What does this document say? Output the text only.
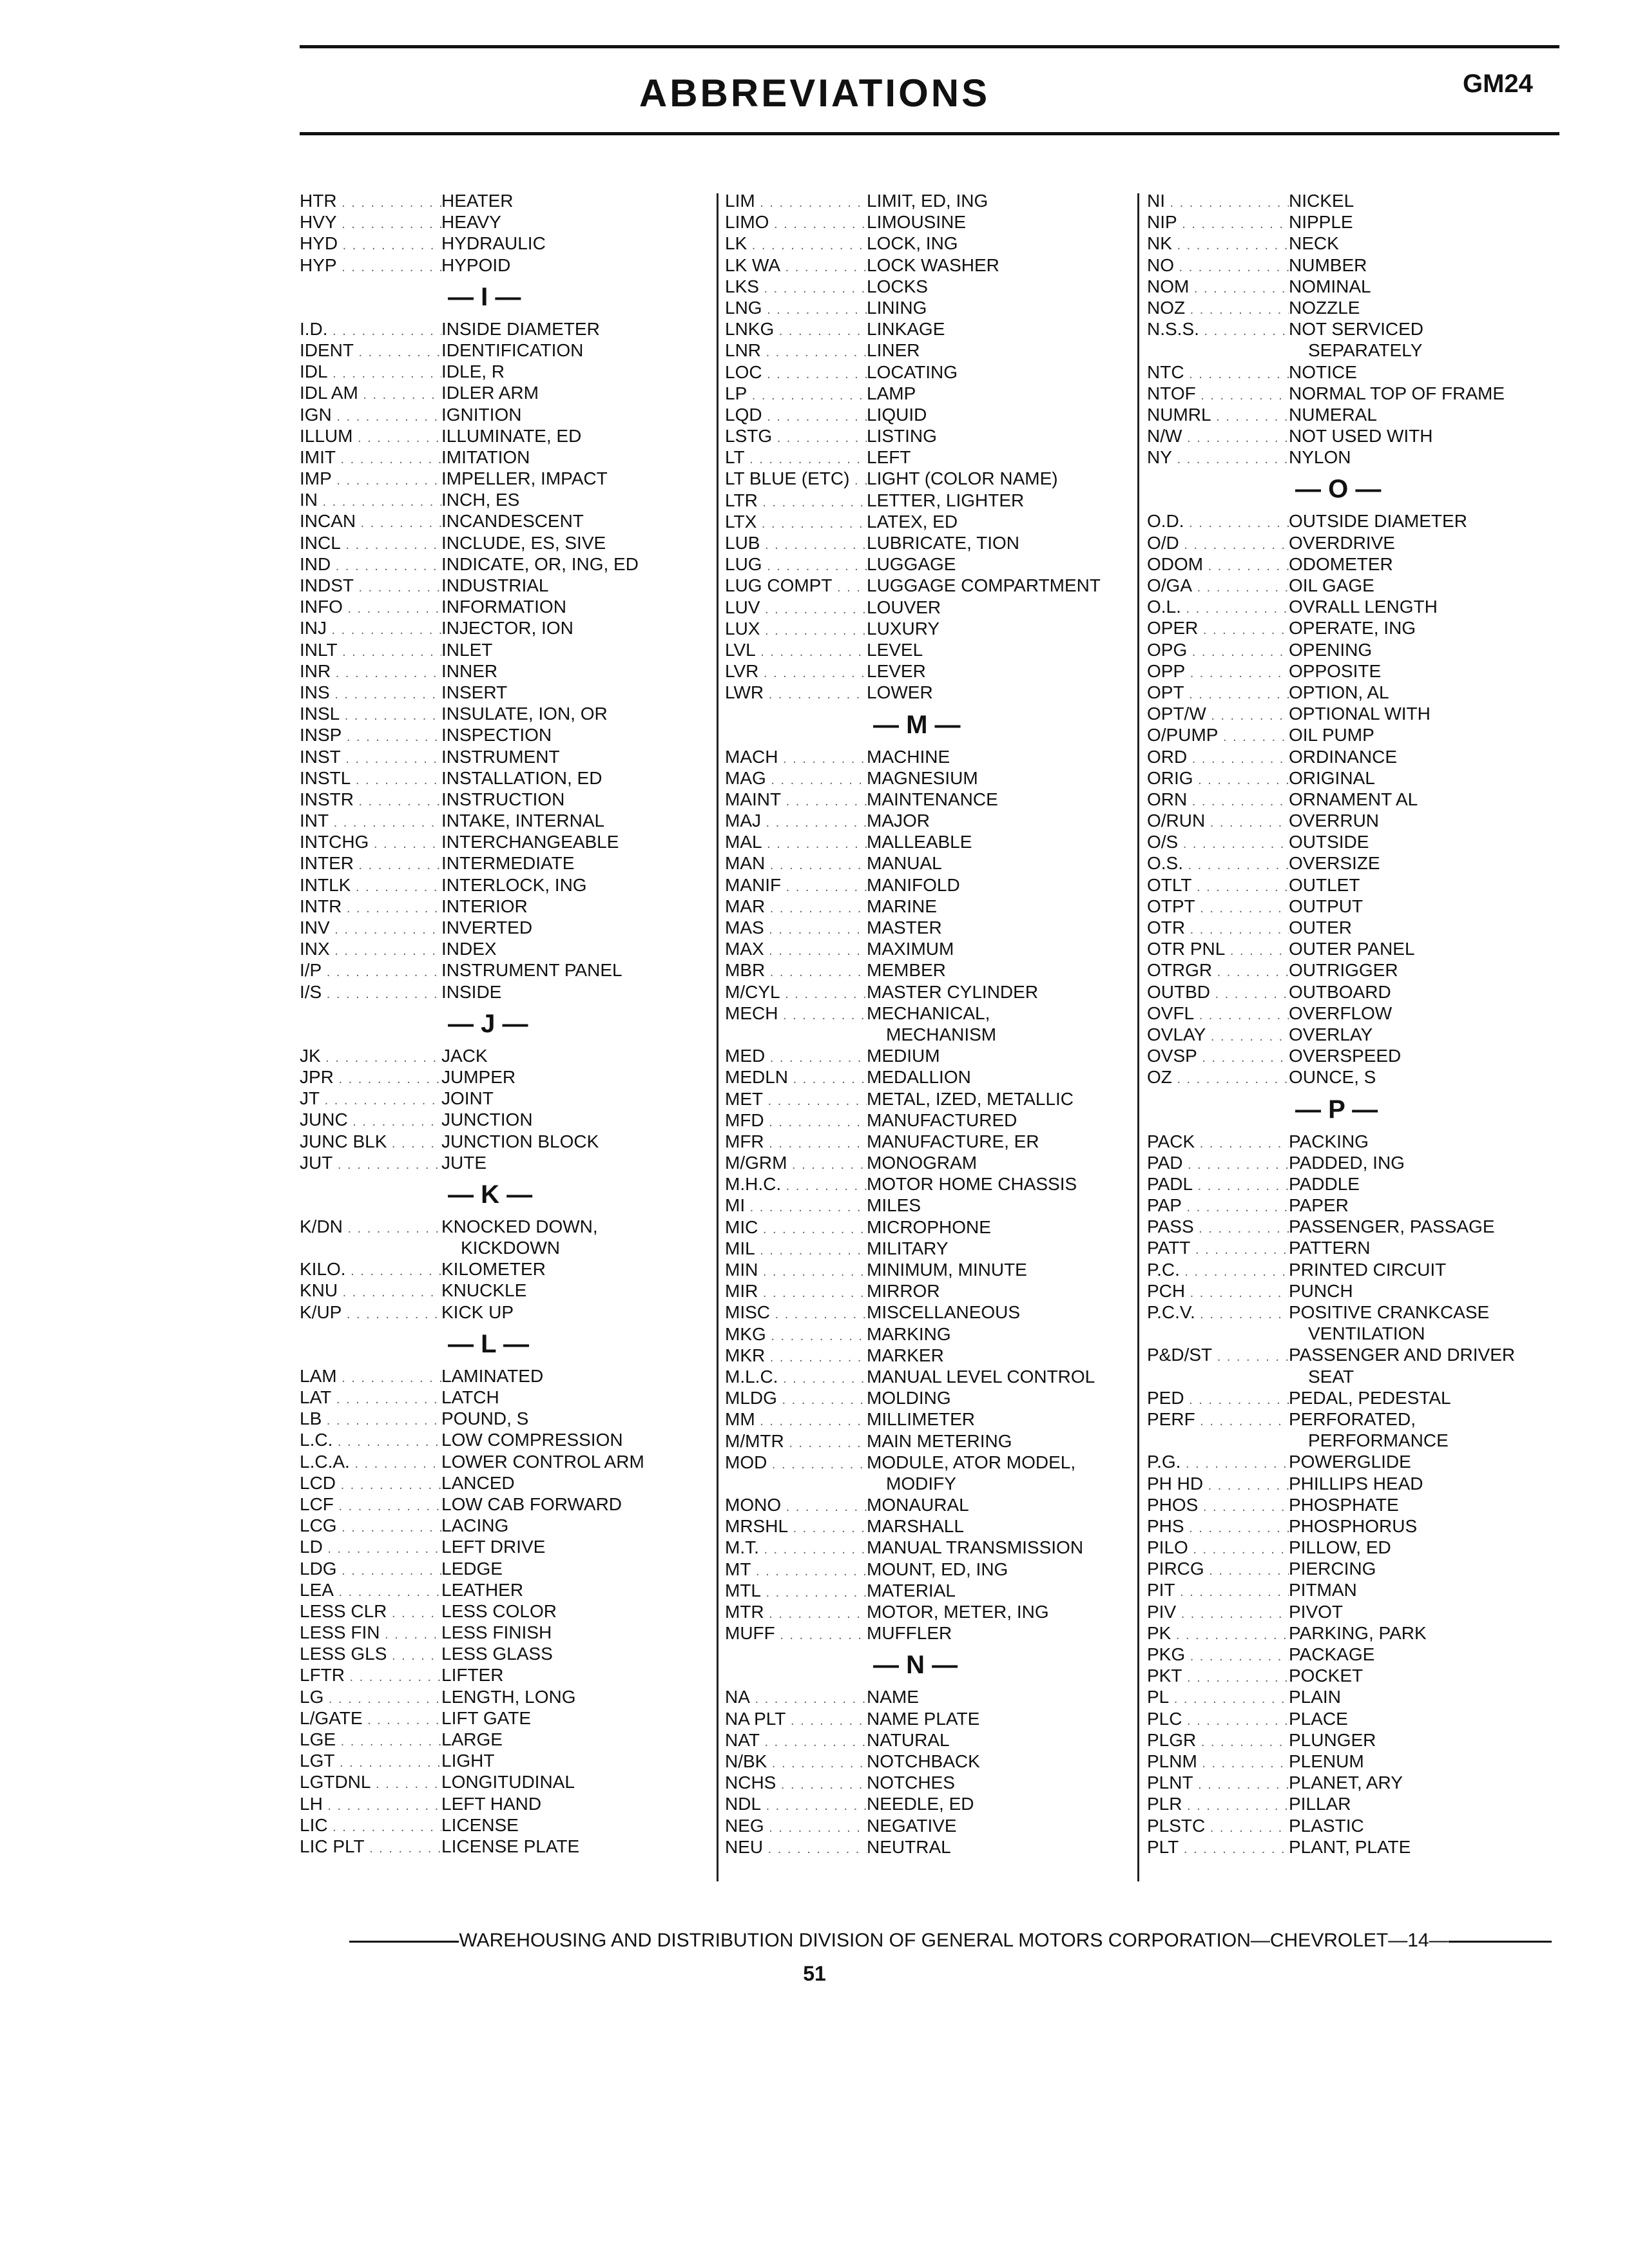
ABBREVIATIONS	GM24
HTR . . .	HEATER
HVY . . .	HEAVY
HYD . . .	HYDRAULIC
HYP . . .	HYPOID
— I —
I.D. . . .	INSIDE DIAMETER
IDENT . . .	IDENTIFICATION
IDL . . .	IDLE, R
IDL AM . . .	IDLER ARM
IGN . . .	IGNITION
ILLUM . . .	ILLUMINATE, ED
IMIT . . .	IMITATION
IMP . . .	IMPELLER, IMPACT
IN . . .	INCH, ES
INCAN . . .	INCANDESCENT
INCL . . .	INCLUDE, ES, SIVE
IND . . .	INDICATE, OR, ING, ED
INDST . . .	INDUSTRIAL
INFO . . .	INFORMATION
INJ . . .	INJECTOR, ION
INLT . . .	INLET
INR . . .	INNER
INS . . .	INSERT
INSL . . .	INSULATE, ION, OR
INSP . . .	INSPECTION
INST . . .	INSTRUMENT
INSTL . . .	INSTALLATION, ED
INSTR . . .	INSTRUCTION
INT . . .	INTAKE, INTERNAL
INTCHG . . .	INTERCHANGEABLE
INTER . . .	INTERMEDIATE
INTLK . . .	INTERLOCK, ING
INTR . . .	INTERIOR
INV . . .	INVERTED
INX . . .	INDEX
I/P . . .	INSTRUMENT PANEL
I/S . . .	INSIDE
— J —
JK . . .	JACK
JPR . . .	JUMPER
JT . . .	JOINT
JUNC . . .	JUNCTION
JUNC BLK . . .	JUNCTION BLOCK
JUT . . .	JUTE
— K —
K/DN . . .	KNOCKED DOWN,
KICKDOWN
KILO. . . .	KILOMETER
KNU . . .	KNUCKLE
K/UP . . .	KICK UP
— L —
LAM . . .	LAMINATED
LAT . . .	LATCH
LB . . .	POUND, S
L.C. . . .	LOW COMPRESSION
L.C.A. . . .	LOWER CONTROL ARM
LCD . . .	LANCED
LCF . . .	LOW CAB FORWARD
LCG . . .	LACING
LD . . .	LEFT DRIVE
LDG . . .	LEDGE
LEA . . .	LEATHER
LESS CLR . . .	LESS COLOR
LESS FIN . . .	LESS FINISH
LESS GLS . . .	LESS GLASS
LFTR . . .	LIFTER
LG . . .	LENGTH, LONG
L/GATE . . .	LIFT GATE
LGE . . .	LARGE
LGT . . .	LIGHT
LGTDNL . . .	LONGITUDINAL
LH . . .	LEFT HAND
LIC . . .	LICENSE
LIC PLT . . .	LICENSE PLATE
LIM . . .	LIMIT, ED, ING
LIMO . . .	LIMOUSINE
LK . . .	LOCK, ING
LK WA . . .	LOCK WASHER
LKS . . .	LOCKS
LNG . . .	LINING
LNKG . . .	LINKAGE
LNR . . .	LINER
LOC . . .	LOCATING
LP . . .	LAMP
LQD . . .	LIQUID
LSTG . . .	LISTING
LT . . .	LEFT
LT BLUE (ETC) . . . LIGHT (COLOR NAME)
LTR . . .	LETTER, LIGHTER
LTX . . .	LATEX, ED
LUB . . .	LUBRICATE, TION
LUG . . .	LUGGAGE
LUG COMPT . . .	LUGGAGE COMPARTMENT
LUV . . .	LOUVER
LUX . . .	LUXURY
LVL . . .	LEVEL
LVR . . .	LEVER
LWR . . .	LOWER
— M —
MACH . . .	MACHINE
MAG . . .	MAGNESIUM
MAINT . . .	MAINTENANCE
MAJ . . .	MAJOR
MAL . . .	MALLEABLE
MAN . . .	MANUAL
MANIF . . .	MANIFOLD
MAR . . .	MARINE
MAS . . .	MASTER
MAX . . .	MAXIMUM
MBR . . .	MEMBER
M/CYL . . .	MASTER CYLINDER
MECH . . .	MECHANICAL,
MECHANISM
MED . . .	MEDIUM
MEDLN . . .	MEDALLION
MET . . .	METAL, IZED, METALLIC
MFD . . .	MANUFACTURED
MFR . . .	MANUFACTURE, ER
M/GRM . . .	MONOGRAM
M.H.C. . . .	MOTOR HOME CHASSIS
MI . . .	MILES
MIC . . .	MICROPHONE
MIL . . .	MILITARY
MIN . . .	MINIMUM, MINUTE
MIR . . .	MIRROR
MISC . . .	MISCELLANEOUS
MKG . . .	MARKING
MKR . . .	MARKER
M.L.C. . . .	MANUAL LEVEL CONTROL
MLDG . . .	MOLDING
MM . . .	MILLIMETER
M/MTR . . .	MAIN METERING
MOD . . .	MODULE, ATOR MODEL,
MODIFY
MONO . . .	MONAURAL
MRSHL . . .	MARSHALL
M.T. . . .	MANUAL TRANSMISSION
MT . . .	MOUNT, ED, ING
MTL . . .	MATERIAL
MTR . . .	MOTOR, METER, ING
MUFF . . .	MUFFLER
— N —
NA . . .	NAME
NA PLT . . .	NAME PLATE
NAT . . .	NATURAL
N/BK . . .	NOTCHBACK
NCHS . . .	NOTCHES
NDL . . .	NEEDLE, ED
NEG . . .	NEGATIVE
NEU . . .	NEUTRAL
NI . . .	NICKEL
NIP . . .	NIPPLE
NK . . .	NECK
NO . . .	NUMBER
NOM . . .	NOMINAL
NOZ . . .	NOZZLE
N.S.S. . . .	NOT SERVICED
SEPARATELY
NTC . . .	NOTICE
NTOF . . .	NORMAL TOP OF FRAME
NUMRL . . .	NUMERAL
N/W . . .	NOT USED WITH
NY . . .	NYLON
— O —
O.D. . . .	OUTSIDE DIAMETER
O/D . . .	OVERDRIVE
ODOM . . .	ODOMETER
O/GA . . .	OIL GAGE
O.L. . . .	OVRALL LENGTH
OPER . . .	OPERATE, ING
OPG . . .	OPENING
OPP . . .	OPPOSITE
OPT . . .	OPTION, AL
OPT/W . . .	OPTIONAL WITH
O/PUMP . . .	OIL PUMP
ORD . . .	ORDINANCE
ORIG . . .	ORIGINAL
ORN . . .	ORNAMENT AL
O/RUN . . .	OVERRUN
O/S . . .	OUTSIDE
O.S. . . .	OVERSIZE
OTLT . . .	OUTLET
OTPT . . .	OUTPUT
OTR . . .	OUTER
OTR PNL . . .	OUTER PANEL
OTRGR . . .	OUTRIGGER
OUTBD . . .	OUTBOARD
OVFL . . .	OVERFLOW
OVLAY . . .	OVERLAY
OVSP . . .	OVERSPEED
OZ . . .	OUNCE, S
— P —
PACK . . .	PACKING
PAD . . .	PADDED, ING
PADL . . .	PADDLE
PAP . . .	PAPER
PASS . . .	PASSENGER, PASSAGE
PATT . . .	PATTERN
P.C. . . .	PRINTED CIRCUIT
PCH . . .	PUNCH
P.C.V. . . .	POSITIVE CRANKCASE
VENTILATION
P&D/ST . . .	PASSENGER AND DRIVER
SEAT
PED . . .	PEDAL, PEDESTAL
PERF . . .	PERFORATED,
PERFORMANCE
P.G. . . .	POWERGLIDE
PH HD . . .	PHILLIPS HEAD
PHOS . . .	PHOSPHATE
PHS . . .	PHOSPHORUS
PILO . . .	PILLOW, ED
PIRCG . . .	PIERCING
PIT . . .	PITMAN
PIV . . .	PIVOT
PK . . .	PARKING, PARK
PKG . . .	PACKAGE
PKT . . .	POCKET
PL . . .	PLAIN
PLC . . .	PLACE
PLGR . . .	PLUNGER
PLNM . . .	PLENUM
PLNT . . .	PLANET, ARY
PLR . . .	PILLAR
PLSTC . . .	PLASTIC
PLT . . .	PLANT, PLATE
WAREHOUSING AND DISTRIBUTION DIVISION OF GENERAL MOTORS CORPORATION—CHEVROLET—14—
51
